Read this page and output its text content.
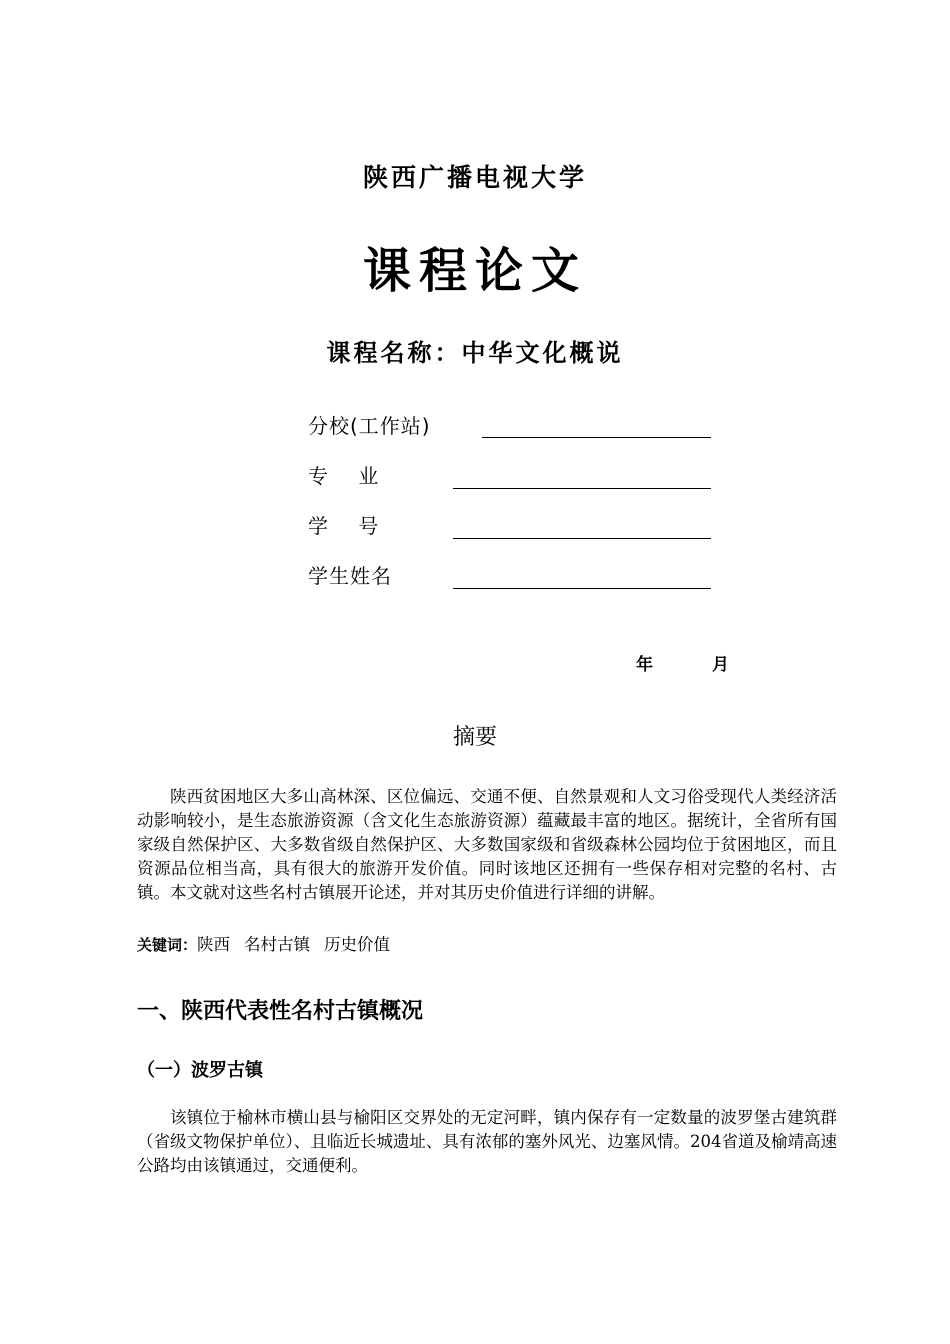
陕西广播电视大学
课程论文
课程名称：中华文化概说
分校(工作站)
专    业
学    号
学生姓名
年	月
摘要
陕西贫困地区大多山高林深、区位偏远、交通不便、自然景观和人文习俗受现代人类经济活动影响较小，是生态旅游资源（含文化生态旅游资源）蕴藏最丰富的地区。据统计，全省所有国家级自然保护区、大多数省级自然保护区、大多数国家级和省级森林公园均位于贫困地区，而且资源品位相当高，具有很大的旅游开发价值。同时该地区还拥有一些保存相对完整的名村、古镇。本文就对这些名村古镇展开论述，并对其历史价值进行详细的讲解。
关键词：陕西 名村古镇 历史价值
一、陕西代表性名村古镇概况
（一）波罗古镇
该镇位于榆林市横山县与榆阳区交界处的无定河畔，镇内保存有一定数量的波罗堡古建筑群（省级文物保护单位）、且临近长城遗址、具有浓郁的塞外风光、边塞风情。204省道及榆靖高速公路均由该镇通过，交通便利。
